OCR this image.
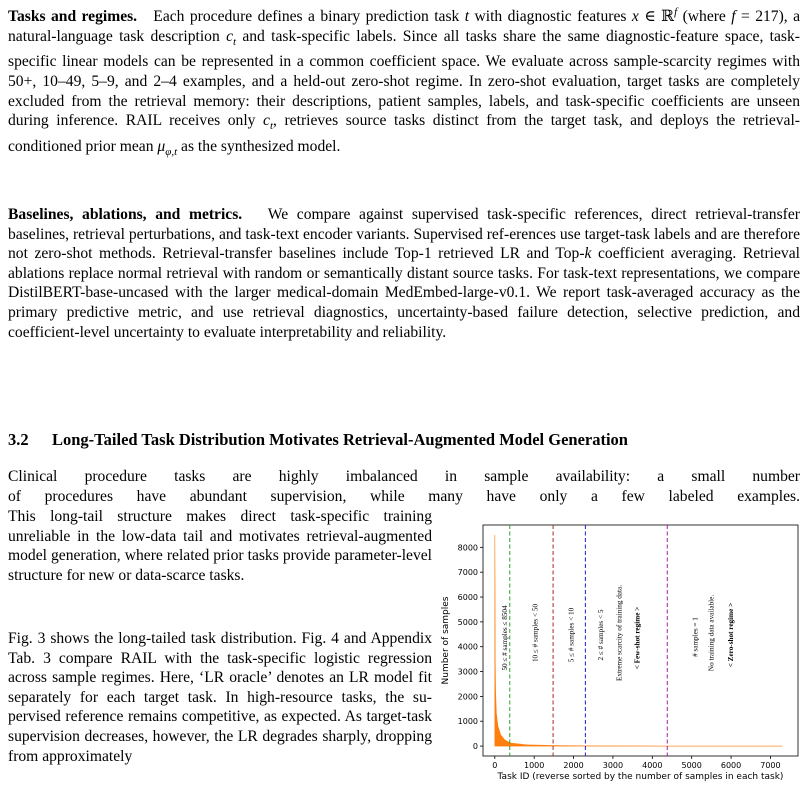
Tasks and regimes. Each procedure defines a binary prediction task t with diagnostic features x ∈ ℝ$^f$ (where f = 217), a natural-language task description $c_t$ and task-specific labels. Since all tasks share the same diagnostic-feature space, task-specific linear models can be represented in a common coefficient space. We evaluate across sample-scarcity regimes with 50+, 10–49, 5–9, and 2–4 examples, and a held-out zero-shot regime. In zero-shot evaluation, target tasks are completely excluded from the retrieval memory: their descriptions, patient samples, labels, and task-specific coefficients are unseen during inference. RAIL receives only $c_t$, retrieves source tasks distinct from the target task, and deploys the retrieval-conditioned prior mean $\mu_{\varphi,t}$ as the synthesized model.
Baselines, ablations, and metrics. We compare against supervised task-specific references, direct retrieval-transfer baselines, retrieval perturbations, and task-text encoder variants. Supervised ref-erences use target-task labels and are therefore not zero-shot methods. Retrieval-transfer baselines include Top-1 retrieved LR and Top-k coefficient averaging. Retrieval ablations replace normal retrieval with random or semantically distant source tasks. For task-text representations, we compare DistilBERT-base-uncased with the larger medical-domain MedEmbed-large-v0.1. We report task-averaged accuracy as the primary predictive metric, and use retrieval diagnostics, uncertainty-based failure detection, selective prediction, and coefficient-level uncertainty to evaluate interpretability and reliability.
3.2 Long-Tailed Task Distribution Motivates Retrieval-Augmented Model Generation
Clinical procedure tasks are highly imbalanced in sample availability: a small number
of procedures have abundant supervision, while many have only a few labeled examples.
This long-tail structure makes direct task-specific training unreliable in the low-data tail and motivates retrieval-augmented model generation, where related prior tasks provide parameter-level structure for new or data-scarce tasks.
Fig. 3 shows the long-tailed task distribution. Fig. 4 and Appendix Tab. 3 compare RAIL with the task-specific logistic regression across sample regimes. Here, ‘LR oracle’ denotes an LR model fit separately for each target task. In high-resource tasks, the su-pervised reference remains competitive, as expected. As target-task supervision decreases, however, the LR degrades sharply, dropping from approximately
0
1000
2000
3000
4000
5000
6000
7000
8000
0	1000 2000 3000 4000 5000 6000 7000
50 ≤ # samples ≤ 8504	10 ≤ # samples < 50	5 ≤ # samples < 10	2 ≤ # samples < 5 Extreme scarcity of training data. < Few-shot regime >	# samples = 1 No training data available. < Zero-shot regime >
Number of samples
Task ID (reverse sorted by the number of samples in each task)
